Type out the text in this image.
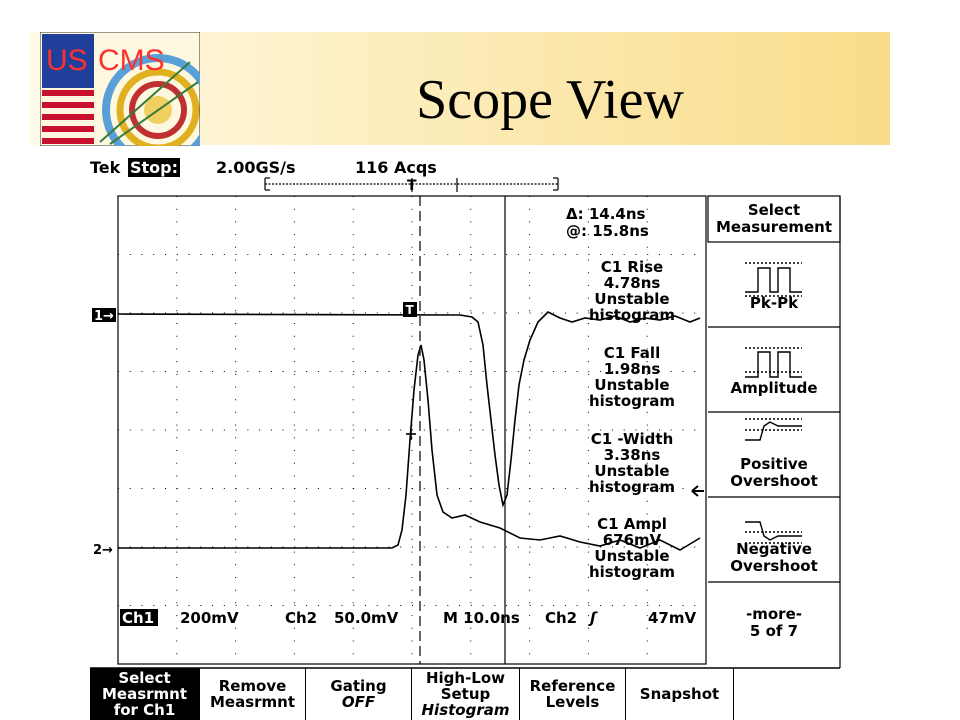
US CMS
Scope View
Tek Stop: 2.00GS/s	116 Acqs
T
T
1→
2→
Δ: 14.4ns
@: 15.8ns
C1 Rise
4.78ns
Unstable
histogram
C1 Fall
1.98ns
Unstable
histogram
C1 -Width
3.38ns
Unstable
histogram
C1 Ampl
676mV
Unstable
histogram
Ch1 200mV	Ch2 50.0mV	M 10.0ns Ch2 ʃ	47mV
Select
Measurement
Pk-Pk
Amplitude
Positive
Overshoot
Negative
Overshoot
-more-
5 of 7
Select
Measrmnt
for Ch1
Remove
Measrmnt
Gating
OFF
High-Low
Setup
Histogram
Reference
Levels	Snapshot
